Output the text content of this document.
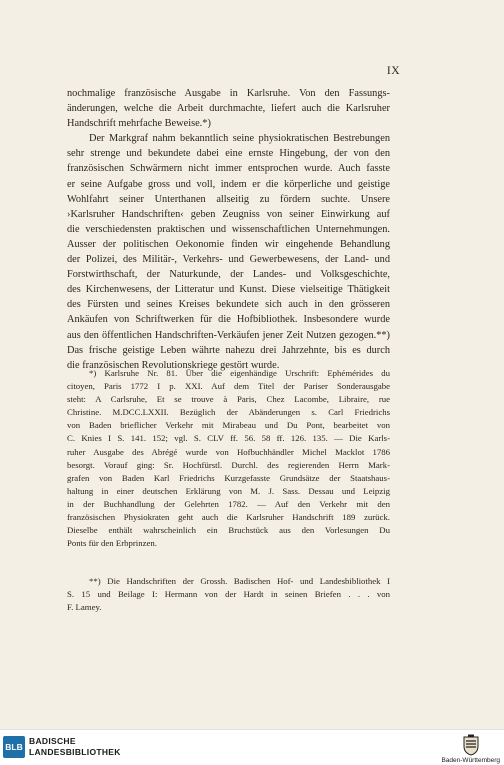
IX
nochmalige französische Ausgabe in Karlsruhe. Von den Fassungs-
änderungen, welche die Arbeit durchmachte, liefert auch die Karlsruher
Handschrift mehrfache Beweise.*)
Der Markgraf nahm bekanntlich seine physiokratischen Bestrebungen
sehr strenge und bekundete dabei eine ernste Hingebung, der von den
französischen Schwärmern nicht immer entsprochen wurde. Auch fasste
er seine Aufgabe gross und voll, indem er die körperliche und geistige
Wohlfahrt seiner Unterthanen allseitig zu fördern suchte. Unsere
›Karlsruher Handschriften‹ geben Zeugniss von seiner Einwirkung auf
die verschiedensten praktischen und wissenschaftlichen Unternehmungen.
Ausser der politischen Oekonomie finden wir eingehende Behandlung
der Polizei, des Militär-, Verkehrs- und Gewerbewesens, der Land- und
Forstwirthschaft, der Naturkunde, der Landes- und Volksgeschichte,
des Kirchenwesens, der Litteratur und Kunst. Diese vielseitige Thätigkeit
des Fürsten und seines Kreises bekundete sich auch in den grösseren
Ankäufen von Schriftwerken für die Hofbibliothek. Insbesondere wurde
aus den öffentlichen Handschriften-Verkäufen jener Zeit Nutzen gezogen.**)
Das frische geistige Leben währte nahezu drei Jahrzehnte, bis es durch
die französischen Revolutionskriege gestört wurde.
*) Karlsruhe Nr. 81. Über die eigenhändige Urschrift: Ephémérides du
citoyen, Paris 1772 I p. XXI. Auf dem Titel der Pariser Sonderausgabe
steht: A Carlsruhe, Et se trouve à Paris, Chez Lacombe, Libraire, rue
Christine. M.DCC.LXXII. Bezüglich der Abänderungen s. Carl Friedrichs
von Baden brieflicher Verkehr mit Mirabeau und Du Pont, bearbeitet von
C. Knies I S. 141. 152; vgl. S. CLV ff. 56. 58 ff. 126. 135. — Die Karls-
ruher Ausgabe des Abrégé wurde von Hofbuchhändler Michel Macklot 1786
besorgt. Vorauf ging: Sr. Hochfürstl. Durchl. des regierenden Herrn Mark-
grafen von Baden Karl Friedrichs Kurzgefasste Grundsätze der Staatshaus-
haltung in einer deutschen Erklärung von M. J. Sass. Dessau und Leipzig
in der Buchhandlung der Gelehrten 1782. — Auf den Verkehr mit den
französischen Physiokraten geht auch die Karlsruher Handschrift 189 zurück.
Dieselbe enthält wahrscheinlich ein Bruchstück aus den Vorlesungen Du
Ponts für den Erbprinzen.
**) Die Handschriften der Grossh. Badischen Hof- und Landesbibliothek I
S. 15 und Beilage I: Hermann von der Hardt in seinen Briefen . . . von
F. Lamey.
BLB
BADISCHE
LANDESBIBLIOTHEK
Baden-Württemberg
